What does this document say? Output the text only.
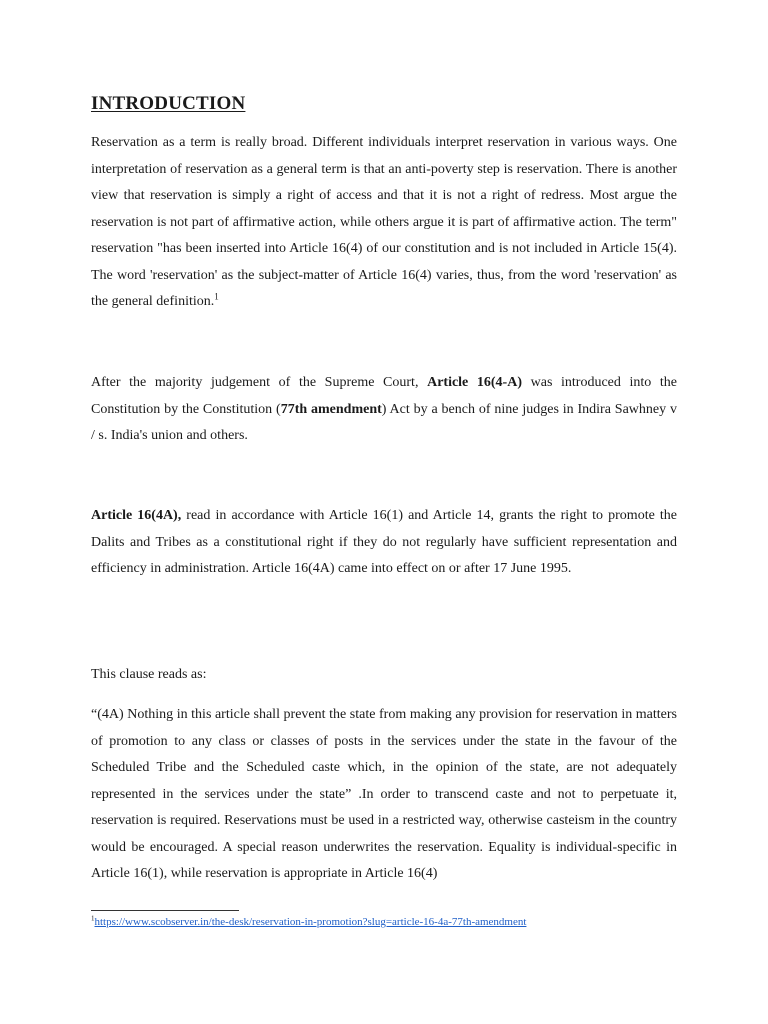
INTRODUCTION

Reservation as a term is really broad. Different individuals interpret reservation in various ways. One interpretation of reservation as a general term is that an anti-poverty step is reservation. There is another view that reservation is simply a right of access and that it is not a right of redress. Most argue the reservation is not part of affirmative action, while others argue it is part of affirmative action. The term" reservation "has been inserted into Article 16(4) of our constitution and is not included in Article 15(4). The word 'reservation' as the subject-matter of Article 16(4) varies, thus, from the word 'reservation' as the general definition.$^1$

After the majority judgement of the Supreme Court, Article 16(4-A) was introduced into the Constitution by the Constitution (77th amendment) Act by a bench of nine judges in Indira Sawhney v / s. India's union and others.

Article 16(4A), read in accordance with Article 16(1) and Article 14, grants the right to promote the Dalits and Tribes as a constitutional right if they do not regularly have sufficient representation and efficiency in administration. Article 16(4A) came into effect on or after 17 June 1995.

This clause reads as:

“(4A) Nothing in this article shall prevent the state from making any provision for reservation in matters of promotion to any class or classes of posts in the services under the state in the favour of the Scheduled Tribe and the Scheduled caste which, in the opinion of the state, are not adequately represented in the services under the state” .In order to transcend caste and not to perpetuate it, reservation is required. Reservations must be used in a restricted way, otherwise casteism in the country would be encouraged. A special reason underwrites the reservation. Equality is individual-specific in Article 16(1), while reservation is appropriate in Article 16(4)

$^1$https://www.scobserver.in/the-desk/reservation-in-promotion?slug=article-16-4a-77th-amendment
